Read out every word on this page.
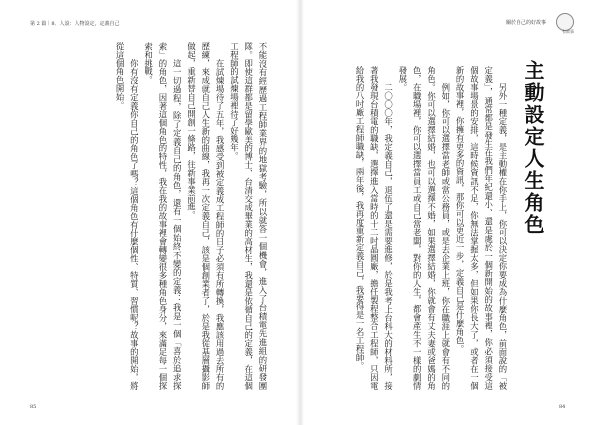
第 2 篇｜8．人設：人物設定，定義自己
85
關於自己的好故事
有故事
主動設定人生角色

另外一種定義，是主動權在你手上，你可以決定你要成為什麼角色，前面說的「被定義」，通常都是發生在我們年紀還小、還是處於一個新開始的故事裡，你必須接受這個故事場景的安排，這時候資訊不足，你無法掌握太多，但如果你長大了，或者在一個新的故事裡，你擁有更多的資訊，那你可以更近一步，定義自己是什麼角色。

例如，你可以選擇當老師或當公務員，或是去企業上班，你在職涯上就會有不同的角色。你可以選擇結婚，也可以選擇不婚，如果選擇結婚，你就會有丈夫妻或爸媽的角色，在職場裡，你可以選擇當員工或自己當老闆，對你的人生，都會產生不一樣的劇情發展。

二〇〇〇年，我定義自己，退伍了還是需要進修，於是我考上台科大的材料所，接著我發現台積電的職缺，選擇進入當時的十二吋晶圓廠，擔任製程整合工程師，只因電給我的八吋廠工程師職缺，兩年後，我再度重新定義自己，我要得是一名工程師。

不能沒有經歷過工程師業界的地獄考驗，所以就答一個機會，進入了台積電先進組的研發團隊。即使這群都是留學歐美的博士、台清交成畢業的高材生，我還是依循自己的定義，在這個工程師的試煉場裡待了好幾年。

在試煉場待了五年，我感受到被定義成工程師的日子必須有所轉換，我應該用過去所有的歷練，來成就自己人生新的曲線，我再一次定義自己，該是個創業者了，於是我從基層攝影師做起，重新替自己開創一條路，往新事業前進。

這一切過程，除了定義自己的角色，還有一個始終不變的定義：我是一個「喜於追求探索」的角色，因著這個角色的特性，我在我的故事裡會轉變很多種角色身分，來滿足每一個探索和挑戰。

你有沒有定義你自己的角色了嗎？這個角色有什麼個性、特質、習慣呢？故事的開始，將從這個角色開始。

84
